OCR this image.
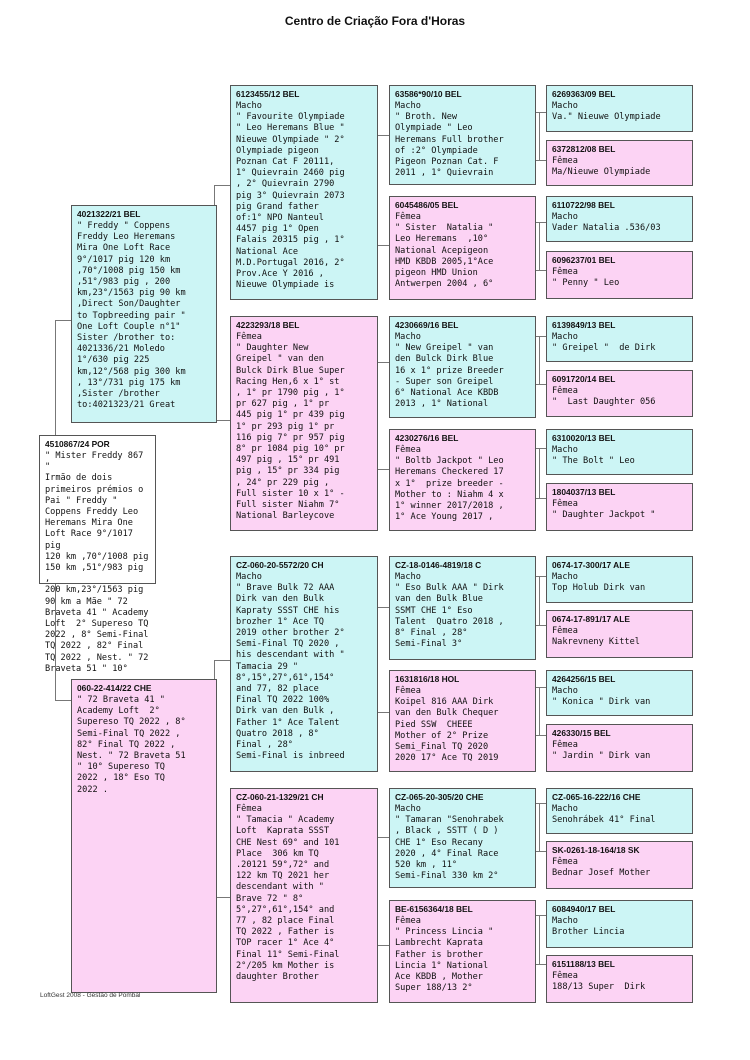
Centro de Criação Fora d'Horas
4510867/24 POR
" Mister Freddy 867 "
Irmão de dois
primeiros prémios o
Pai " Freddy "
Coppens Freddy Leo
Heremans Mira One
Loft Race 9°/1017 pig
120 km ,70°/1008 pig
150 km ,51°/983 pig ,
200 km,23°/1563 pig
90 km a Mãe " 72
Braveta 41 " Academy
Loft  2° Supereso TQ
2022 , 8° Semi-Final
TQ 2022 , 82° Final
TQ 2022 , Nest. " 72
Braveta 51 " 10°
4021322/21 BEL
" Freddy " Coppens
Freddy Leo Heremans
Mira One Loft Race
9°/1017 pig 120 km
,70°/1008 pig 150 km
,51°/983 pig , 200
km,23°/1563 pig 90 km
,Direct Son/Daughter
to Topbreeding pair "
One Loft Couple n°1"
Sister /brother to:
4021336/21 Moledo
1°/630 pig 225
km,12°/568 pig 300 km
, 13°/731 pig 175 km
,Sister /brother
to:4021323/21 Great
060-22-414/22 CHE
" 72 Braveta 41 "
Academy Loft  2°
Supereso TQ 2022 , 8°
Semi-Final TQ 2022 ,
82° Final TQ 2022 ,
Nest. " 72 Braveta 51
" 10° Supereso TQ
2022 , 18° Eso TQ
2022 .
6123455/12 BEL
Macho
" Favourite Olympiade
" Leo Heremans Blue "
Nieuwe Olympiade " 2°
Olympiade pigeon
Poznan Cat F 20111,
1° Quievrain 2460 pig
, 2° Quievrain 2790
pig 3° Quievrain 2073
pig Grand father
of:1° NPO Nanteul
4457 pig 1° Open
Falais 20315 pig , 1°
National Ace
M.D.Portugal 2016, 2°
Prov.Ace Y 2016 ,
Nieuwe Olympiade is
4223293/18 BEL
Fêmea
" Daughter New
Greipel " van den
Bulck Dirk Blue Super
Racing Hen,6 x 1° st
, 1° pr 1790 pig , 1°
pr 627 pig , 1° pr
445 pig 1° pr 439 pig
1° pr 293 pig 1° pr
116 pig 7° pr 957 pig
8° pr 1084 pig 10° pr
497 pig , 15° pr 491
pig , 15° pr 334 pig
, 24° pr 229 pig ,
Full sister 10 x 1° -
Full sister Niahm 7°
National Barleycove
CZ-060-20-5572/20 CH
Macho
" Brave Bulk 72 AAA
Dirk van den Bulk
Kapraty SSST CHE his
brozher 1° Ace TQ
2019 other brother 2°
Semi-Final TQ 2020 ,
his descendant with "
Tamacia 29 "
8°,15°,27°,61°,154°
and 77, 82 place
Final TQ 2022 100%
Dirk van den Bulk ,
Father 1° Ace Talent
Quatro 2018 , 8°
Final , 28°
Semi-Final is inbreed
CZ-060-21-1329/21 CH
Fêmea
" Tamacia " Academy
Loft  Kaprata SSST
CHE Nest 69° and 101
Place  306 km TQ
.20121 59°,72° and
122 km TQ 2021 her
descendant with "
Brave 72 " 8°
5°,27°,61°,154° and
77 , 82 place Final
TQ 2022 , Father is
TOP racer 1° Ace 4°
Final 11° Semi-Final
2°/205 km Mother is
daughter Brother
63586*90/10 BEL
Macho
" Broth. New
Olympiade " Leo
Heremans Full brother
of :2° Olympiade
Pigeon Poznan Cat. F
2011 , 1° Quievrain
6045486/05 BEL
Fêmea
" Sister  Natalia "
Leo Heremans  ,10°
National Acepigeon
HMD KBDB 2005,1°Ace
pigeon HMD Union
Antwerpen 2004 , 6°
4230669/16 BEL
Macho
" New Greipel " van
den Bulck Dirk Blue
16 x 1° prize Breeder
- Super son Greipel
6° National Ace KBDB
2013 , 1° National
4230276/16 BEL
Fêmea
" Boltb Jackpot " Leo
Heremans Checkered 17
x 1°  prize breeder -
Mother to : Niahm 4 x
1° winner 2017/2018 ,
1° Ace Young 2017 ,
CZ-18-0146-4819/18 C
Macho
" Eso Bulk AAA " Dirk
van den Bulk Blue
SSMT CHE 1° Eso
Talent  Quatro 2018 ,
8° Final , 28°
Semi-Final 3°
1631816/18 HOL
Fêmea
Koipel 816 AAA Dirk
van den Bulk Chequer
Pied SSW  CHEEE
Mother of 2° Prize
Semi_Final TQ 2020
2020 17° Ace TQ 2019
CZ-065-20-305/20 CHE
Macho
" Tamaran "Senohrabek
, Black , SSTT ( D )
CHE 1° Eso Recany
2020 , 4° Final Race
520 km , 11°
Semi-Final 330 km 2°
BE-6156364/18 BEL
Fêmea
" Princess Lincia "
Lambrecht Kaprata
Father is brother
Lincia 1° National
Ace KBDB , Mother
Super 188/13 2°
6269363/09 BEL
Macho
Va." Nieuwe Olympiade
6372812/08 BEL
Fêmea
Ma/Nieuwe Olympiade
6110722/98 BEL
Macho
Vader Natalia .536/03
6096237/01 BEL
Fêmea
" Penny " Leo
6139849/13 BEL
Macho
" Greipel "  de Dirk
6091720/14 BEL
Fêmea
"  Last Daughter 056
6310020/13 BEL
Macho
" The Bolt " Leo
1804037/13 BEL
Fêmea
" Daughter Jackpot "
0674-17-300/17 ALE
Macho
Top Holub Dirk van
0674-17-891/17 ALE
Fêmea
Nakrevneny Kittel
4264256/15 BEL
Macho
" Konica " Dirk van
426330/15 BEL
Fêmea
" Jardin " Dirk van
CZ-065-16-222/16 CHE
Macho
Senohrábek 41° Final
SK-0261-18-164/18 SK
Fêmea
Bednar Josef Mother
6084940/17 BEL
Macho
Brother Lincia
6151188/13 BEL
Fêmea
188/13 Super  Dirk
LoftGest 2008 - Gestão de Pombal
